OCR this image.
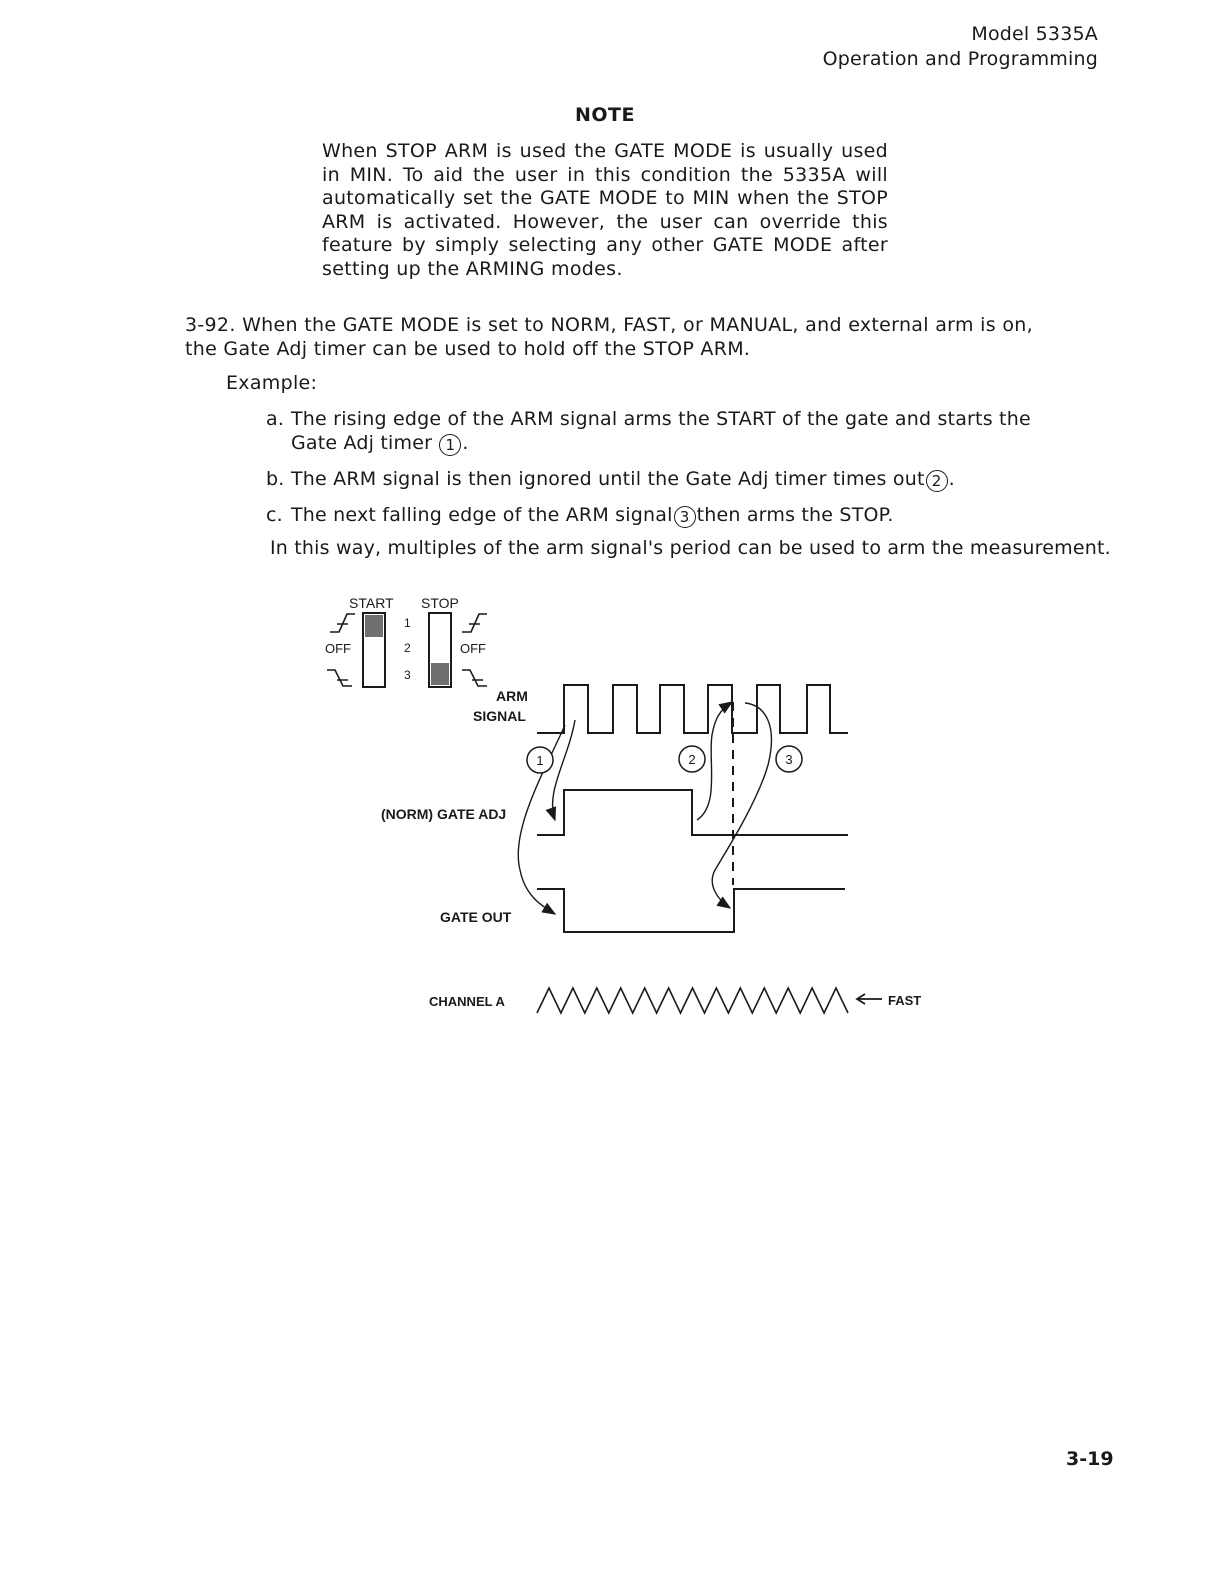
Model 5335A
Operation and Programming
NOTE
When STOP ARM is used the GATE MODE is usually used in MIN. To aid the user in this condition the 5335A will automatically set the GATE MODE to MIN when the STOP ARM is activated. However, the user can override this feature by simply selecting any other GATE MODE after setting up the ARMING modes.
3-92. When the GATE MODE is set to NORM, FAST, or MANUAL, and external arm is on, the Gate Adj timer can be used to hold off the STOP ARM.
Example:
a. The rising edge of the ARM signal arms the START of the gate and starts the Gate Adj timer 1 .
b. The ARM signal is then ignored until the Gate Adj timer times out 2 .
c. The next falling edge of the ARM signal 3 then arms the STOP.
In this way, multiples of the arm signal's period can be used to arm the measurement.
START STOP
1
2
3
OFF	OFF
ARM
SIGNAL
(NORM) GATE ADJ
GATE OUT
1	2	3
CHANNEL A	FAST
3-19
